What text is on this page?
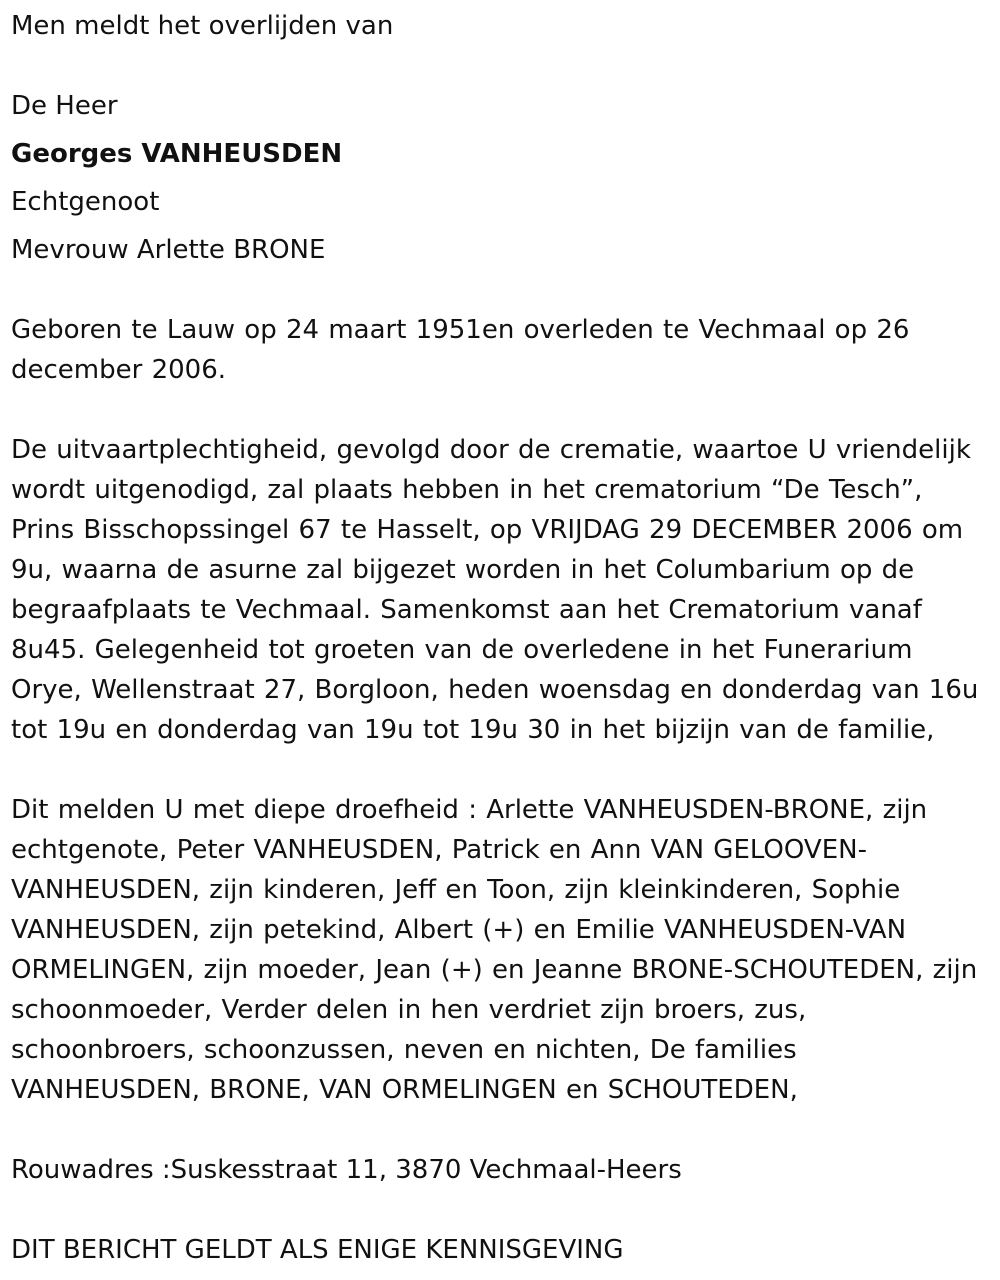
Men meldt het overlijden van

De Heer

Georges VANHEUSDEN

Echtgenoot

Mevrouw Arlette BRONE

Geboren te Lauw op 24 maart 1951en overleden te Vechmaal op 26 december 2006.

De uitvaartplechtigheid, gevolgd door de crematie, waartoe U vriendelijk wordt uitgenodigd, zal plaats hebben in het crematorium “De Tesch”, Prins Bisschopssingel 67 te Hasselt, op VRIJDAG 29 DECEMBER 2006 om 9u, waarna de asurne zal bijgezet worden in het Columbarium op de begraafplaats te Vechmaal. Samenkomst aan het Crematorium vanaf 8u45. Gelegenheid tot groeten van de overledene in het Funerarium Orye, Wellenstraat 27, Borgloon, heden woensdag en donderdag van 16u tot 19u en donderdag van 19u tot 19u 30 in het bijzijn van de familie,

Dit melden U met diepe droefheid : Arlette VANHEUSDEN-BRONE, zijn echtgenote, Peter VANHEUSDEN, Patrick en Ann VAN GELOOVEN-VANHEUSDEN, zijn kinderen, Jeff en Toon, zijn kleinkinderen, Sophie VANHEUSDEN, zijn petekind, Albert (+) en Emilie VANHEUSDEN-VAN ORMELINGEN, zijn moeder, Jean (+) en Jeanne BRONE-SCHOUTEDEN, zijn schoonmoeder, Verder delen in hen verdriet zijn broers, zus, schoonbroers, schoonzussen, neven en nichten, De families VANHEUSDEN, BRONE, VAN ORMELINGEN en SCHOUTEDEN,

Rouwadres :Suskesstraat 11, 3870 Vechmaal-Heers

DIT BERICHT GELDT ALS ENIGE KENNISGEVING
